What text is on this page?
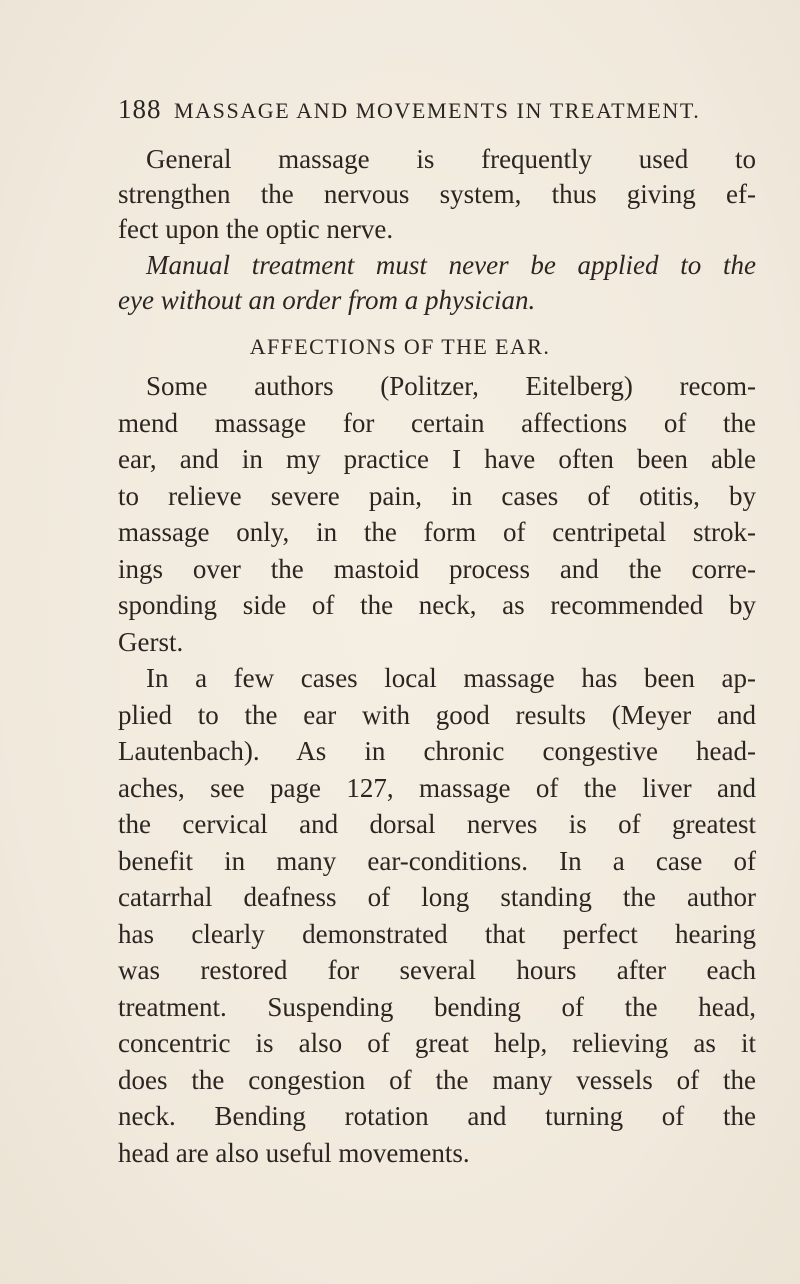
188 MASSAGE AND MOVEMENTS IN TREATMENT.
General massage is frequently used to
strengthen the nervous system, thus giving ef-
fect upon the optic nerve.
Manual treatment must never be applied to the
eye without an order from a physician.
AFFECTIONS OF THE EAR.
Some authors (Politzer, Eitelberg) recom-
mend massage for certain affections of the
ear, and in my practice I have often been able
to relieve severe pain, in cases of otitis, by
massage only, in the form of centripetal strok-
ings over the mastoid process and the corre-
sponding side of the neck, as recommended by
Gerst.
In a few cases local massage has been ap-
plied to the ear with good results (Meyer and
Lautenbach). As in chronic congestive head-
aches, see page 127, massage of the liver and
the cervical and dorsal nerves is of greatest
benefit in many ear-conditions. In a case of
catarrhal deafness of long standing the author
has clearly demonstrated that perfect hearing
was restored for several hours after each
treatment. Suspending bending of the head,
concentric is also of great help, relieving as it
does the congestion of the many vessels of the
neck. Bending rotation and turning of the
head are also useful movements.
